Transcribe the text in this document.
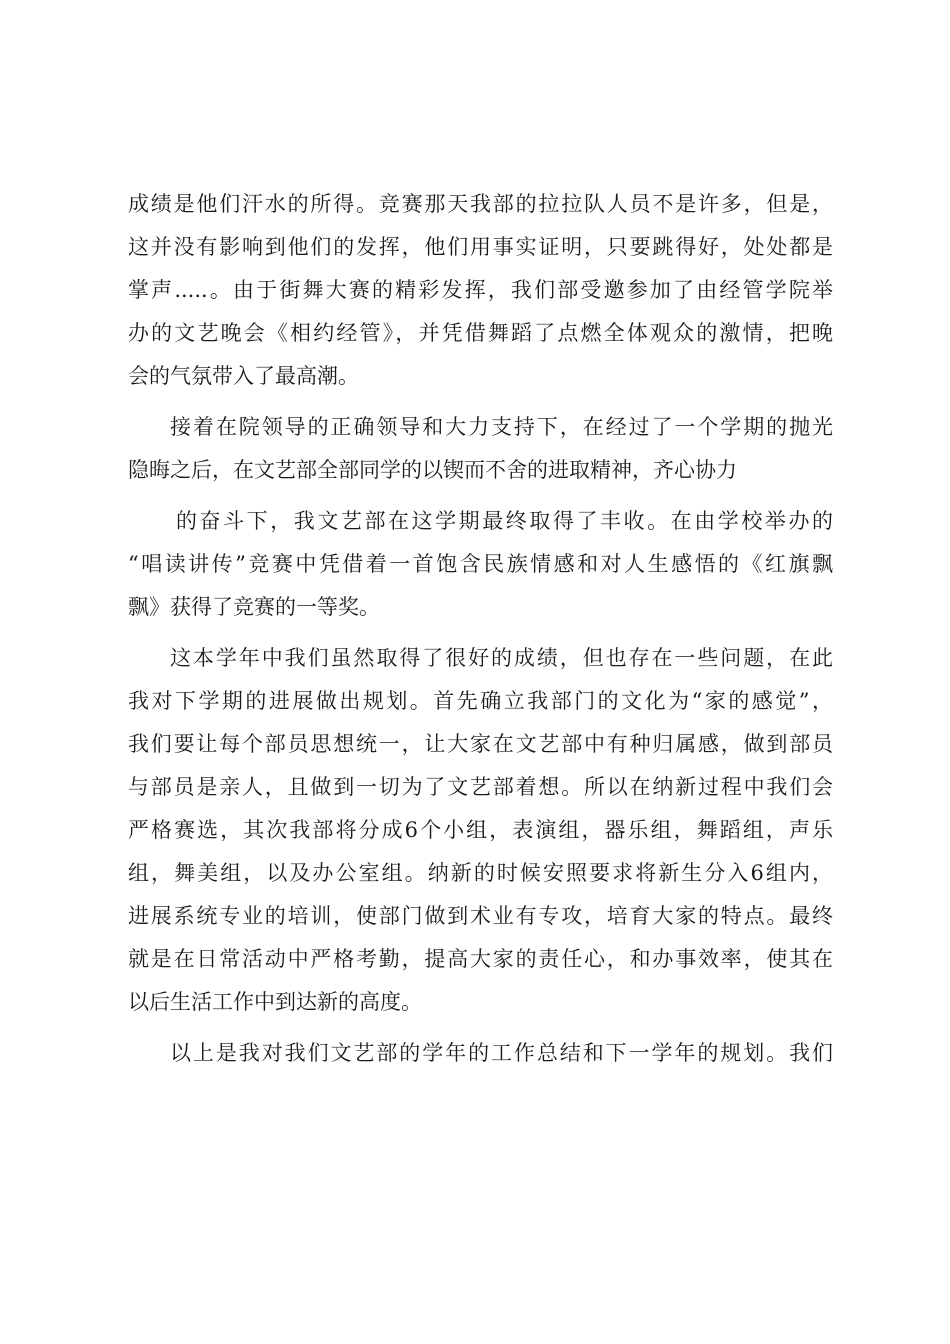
成绩是他们汗水的所得。竞赛那天我部的拉拉队人员不是许多，但是，
这并没有影响到他们的发挥，他们用事实证明，只要跳得好，处处都是
掌声.....。由于街舞大赛的精彩发挥，我们部受邀参加了由经管学院举
办的文艺晚会《相约经管》，并凭借舞蹈了点燃全体观众的激情，把晚
会的气氛带入了最高潮。
接着在院领导的正确领导和大力支持下，在经过了一个学期的抛光
隐晦之后，在文艺部全部同学的以锲而不舍的进取精神，齐心协力
的奋斗下，我文艺部在这学期最终取得了丰收。在由学校举办的
“唱读讲传”竞赛中凭借着一首饱含民族情感和对人生感悟的《红旗飘
飘》获得了竞赛的一等奖。
这本学年中我们虽然取得了很好的成绩，但也存在一些问题，在此
我对下学期的进展做出规划。首先确立我部门的文化为“家的感觉”，
我们要让每个部员思想统一，让大家在文艺部中有种归属感，做到部员
与部员是亲人，且做到一切为了文艺部着想。所以在纳新过程中我们会
严格赛选，其次我部将分成6个小组，表演组，器乐组，舞蹈组，声乐
组，舞美组，以及办公室组。纳新的时候安照要求将新生分入6组内，
进展系统专业的培训，使部门做到术业有专攻，培育大家的特点。最终
就是在日常活动中严格考勤，提高大家的责任心，和办事效率，使其在
以后生活工作中到达新的高度。
以上是我对我们文艺部的学年的工作总结和下一学年的规划。我们
